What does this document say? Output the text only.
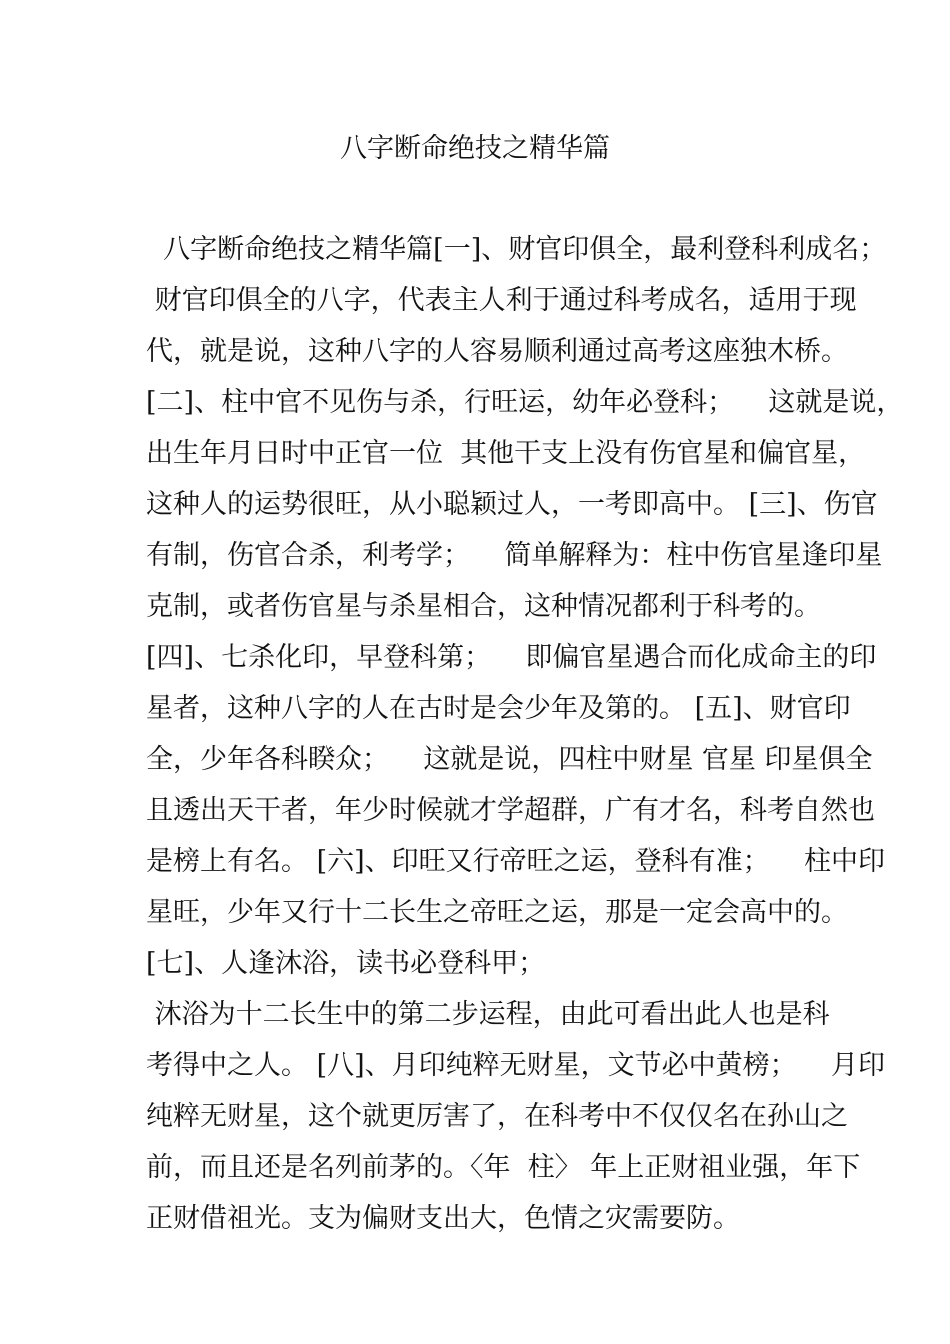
八字断命绝技之精华篇
八字断命绝技之精华篇[一]、财官印俱全，最利登科利成名；
财官印俱全的八字，代表主人利于通过科考成名，适用于现
代，就是说，这种八字的人容易顺利通过高考这座独木桥。
[二]、柱中官不见伤与杀，行旺运，幼年必登科；    这就是说，
出生年月日时中正官一位  其他干支上没有伤官星和偏官星，
这种人的运势很旺，从小聪颖过人，一考即高中。 [三]、伤官
有制，伤官合杀，利考学；    简单解释为：柱中伤官星逢印星
克制，或者伤官星与杀星相合，这种情况都利于科考的。
[四]、七杀化印，早登科第；    即偏官星遇合而化成命主的印
星者，这种八字的人在古时是会少年及第的。 [五]、财官印
全，少年各科睽众；    这就是说，四柱中财星 官星 印星俱全
且透出天干者，年少时候就才学超群，广有才名，科考自然也
是榜上有名。 [六]、印旺又行帝旺之运，登科有准；    柱中印
星旺，少年又行十二长生之帝旺之运，那是一定会高中的。
[七]、人逢沐浴，读书必登科甲；
沐浴为十二长生中的第二步运程，由此可看出此人也是科
考得中之人。 [八]、月印纯粹无财星，文节必中黄榜；    月印
纯粹无财星，这个就更厉害了，在科考中不仅仅名在孙山之
前，而且还是名列前茅的。〈年  柱〉 年上正财祖业强，年下
正财借祖光。支为偏财支出大，色情之灾需要防。
